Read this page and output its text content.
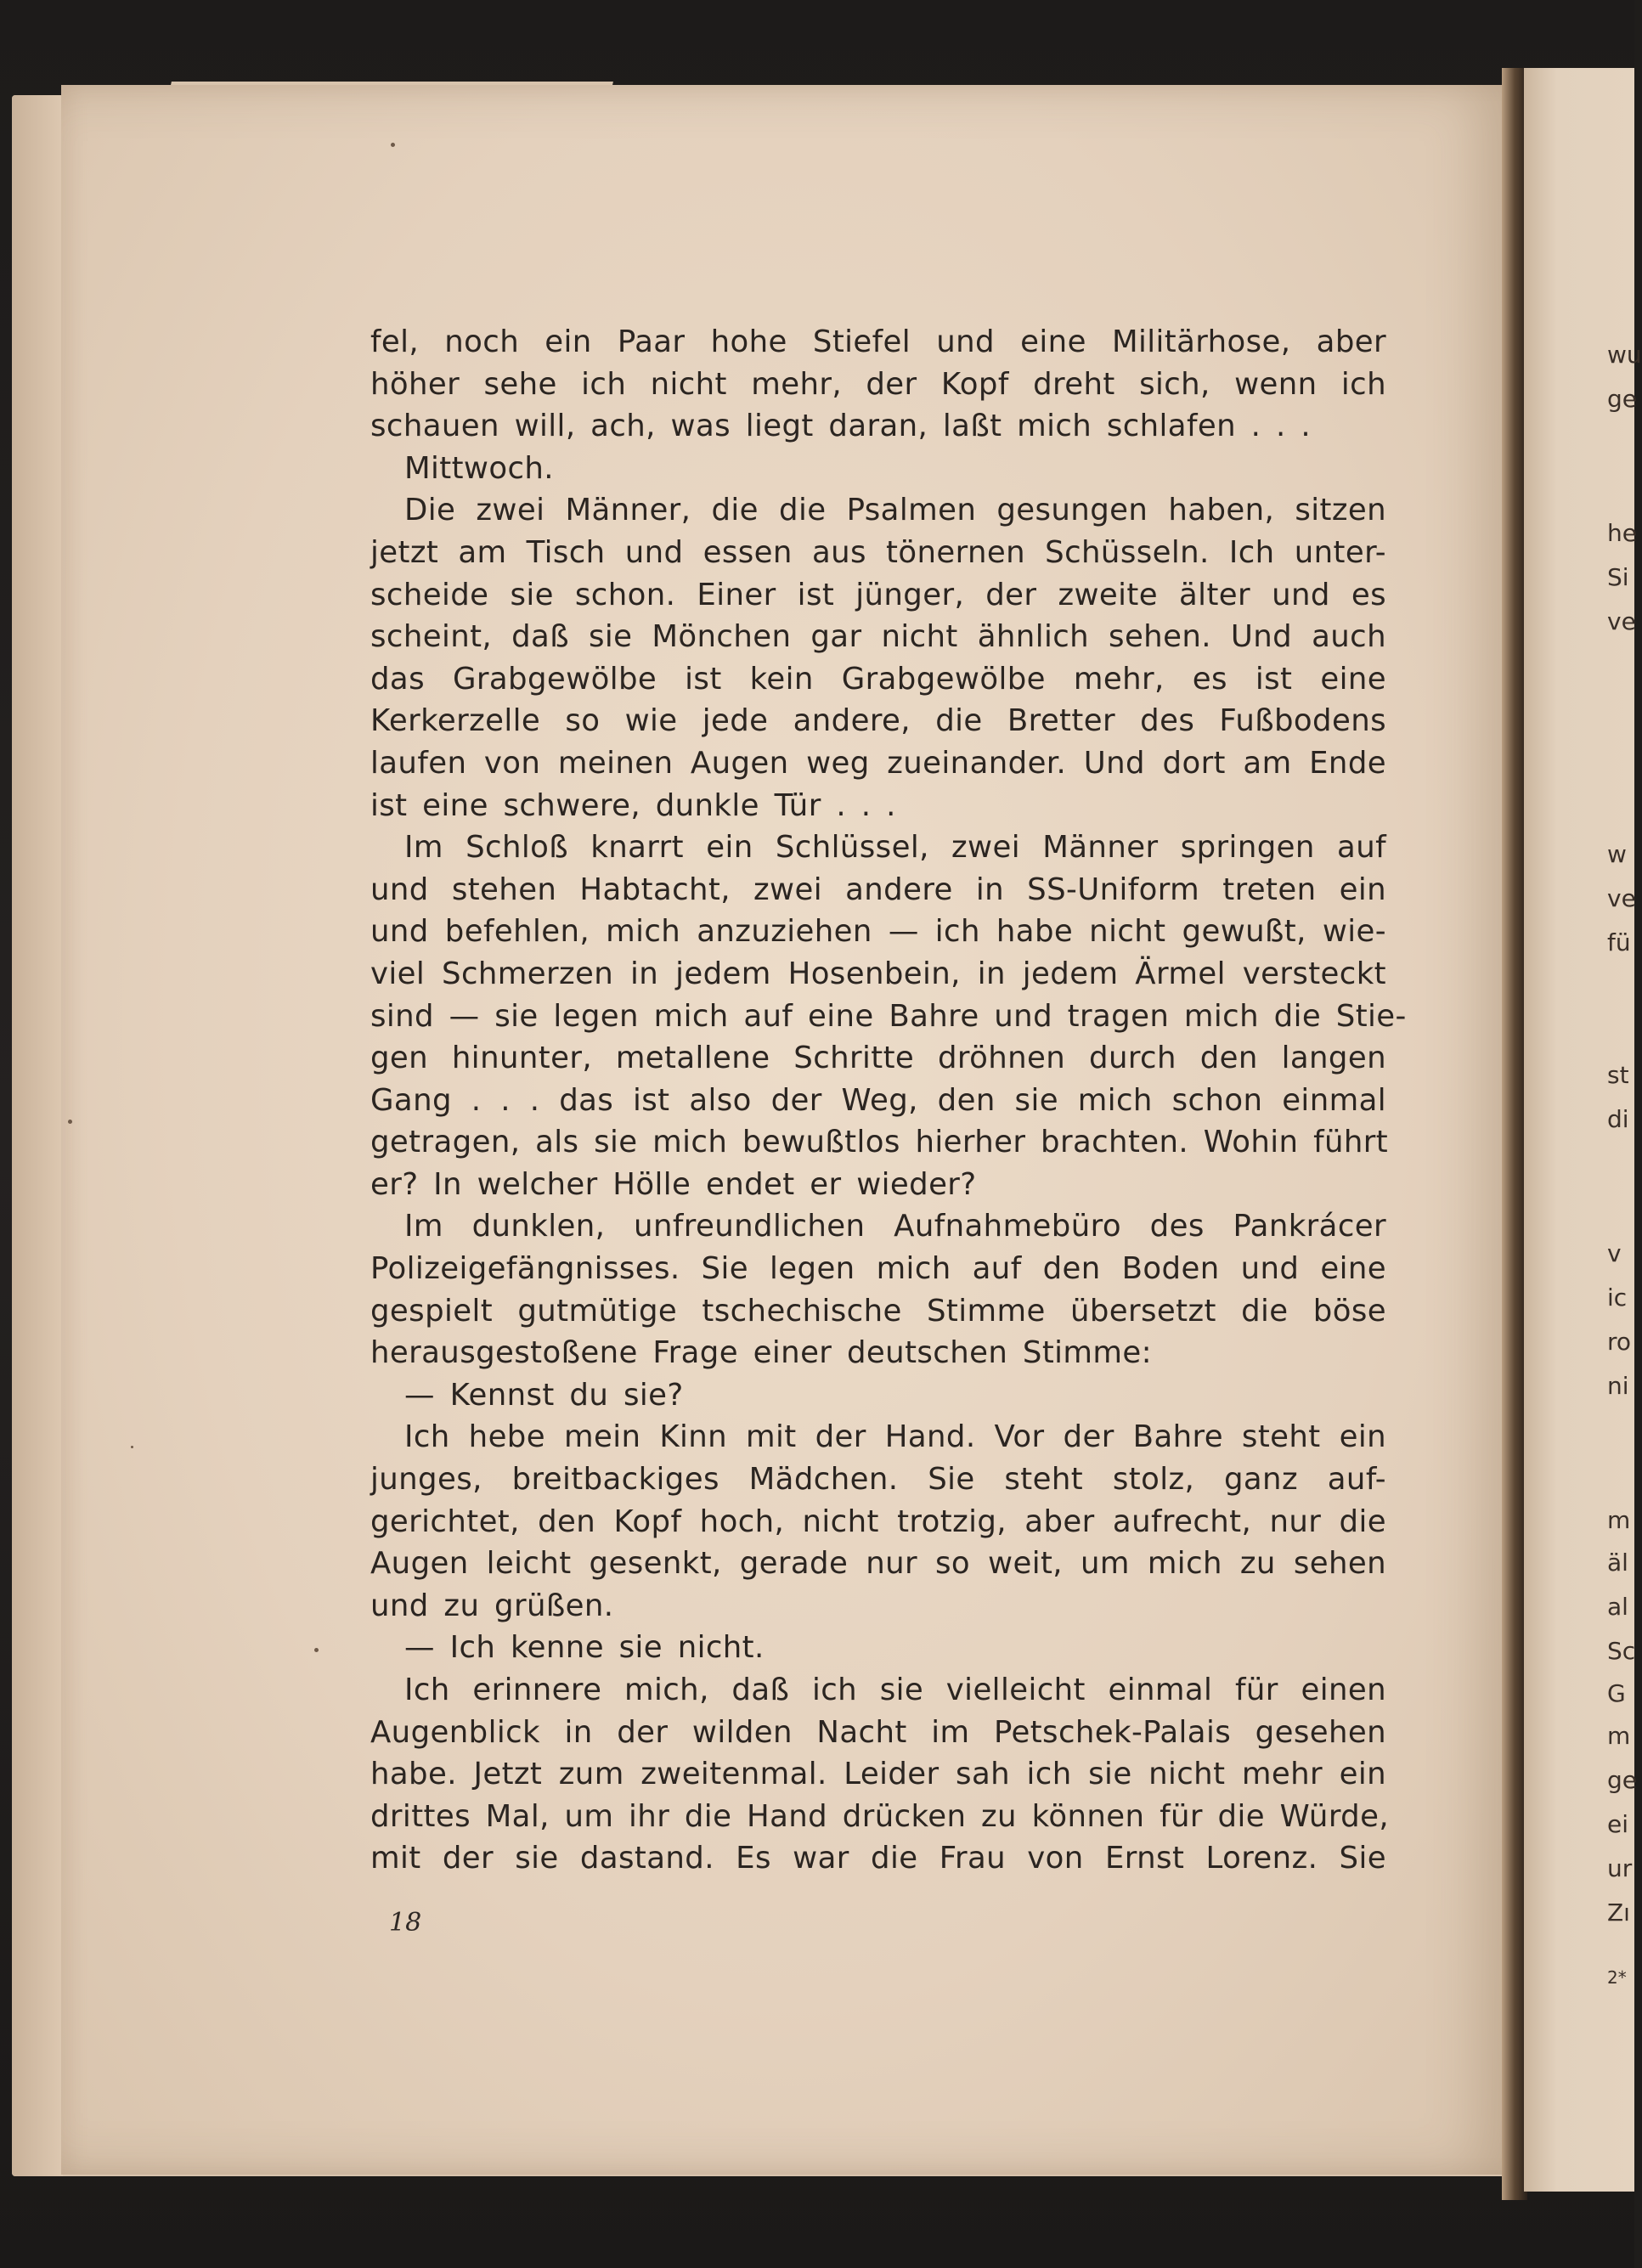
wu
ge
he
Si
ve
w
ve
fü
st
di
v
ic
ro
ni
m
äl
al
Sc
G
m
ge
ei
ur
Zı
2*
fel, noch ein Paar hohe Stiefel und eine Militärhose, aber
höher sehe ich nicht mehr, der Kopf dreht sich, wenn ich
schauen will, ach, was liegt daran, laßt mich schlafen . . .
Mittwoch.
Die zwei Männer, die die Psalmen gesungen haben, sitzen
jetzt am Tisch und essen aus tönernen Schüsseln. Ich unter-
scheide sie schon. Einer ist jünger, der zweite älter und es
scheint, daß sie Mönchen gar nicht ähnlich sehen. Und auch
das Grabgewölbe ist kein Grabgewölbe mehr, es ist eine
Kerkerzelle so wie jede andere, die Bretter des Fußbodens
laufen von meinen Augen weg zueinander. Und dort am Ende
ist eine schwere, dunkle Tür . . .
Im Schloß knarrt ein Schlüssel, zwei Männer springen auf
und stehen Habtacht, zwei andere in SS-Uniform treten ein
und befehlen, mich anzuziehen — ich habe nicht gewußt, wie-
viel Schmerzen in jedem Hosenbein, in jedem Ärmel versteckt
sind — sie legen mich auf eine Bahre und tragen mich die Stie-
gen hinunter, metallene Schritte dröhnen durch den langen
Gang . . . das ist also der Weg, den sie mich schon einmal
getragen, als sie mich bewußtlos hierher brachten. Wohin führt
er? In welcher Hölle endet er wieder?
Im dunklen, unfreundlichen Aufnahmebüro des Pankrácer
Polizeigefängnisses. Sie legen mich auf den Boden und eine
gespielt gutmütige tschechische Stimme übersetzt die böse
herausgestoßene Frage einer deutschen Stimme:
— Kennst du sie?
Ich hebe mein Kinn mit der Hand. Vor der Bahre steht ein
junges, breitbackiges Mädchen. Sie steht stolz, ganz auf-
gerichtet, den Kopf hoch, nicht trotzig, aber aufrecht, nur die
Augen leicht gesenkt, gerade nur so weit, um mich zu sehen
und zu grüßen.
— Ich kenne sie nicht.
Ich erinnere mich, daß ich sie vielleicht einmal für einen
Augenblick in der wilden Nacht im Petschek-Palais gesehen
habe. Jetzt zum zweitenmal. Leider sah ich sie nicht mehr ein
drittes Mal, um ihr die Hand drücken zu können für die Würde,
mit der sie dastand. Es war die Frau von Ernst Lorenz. Sie
18
